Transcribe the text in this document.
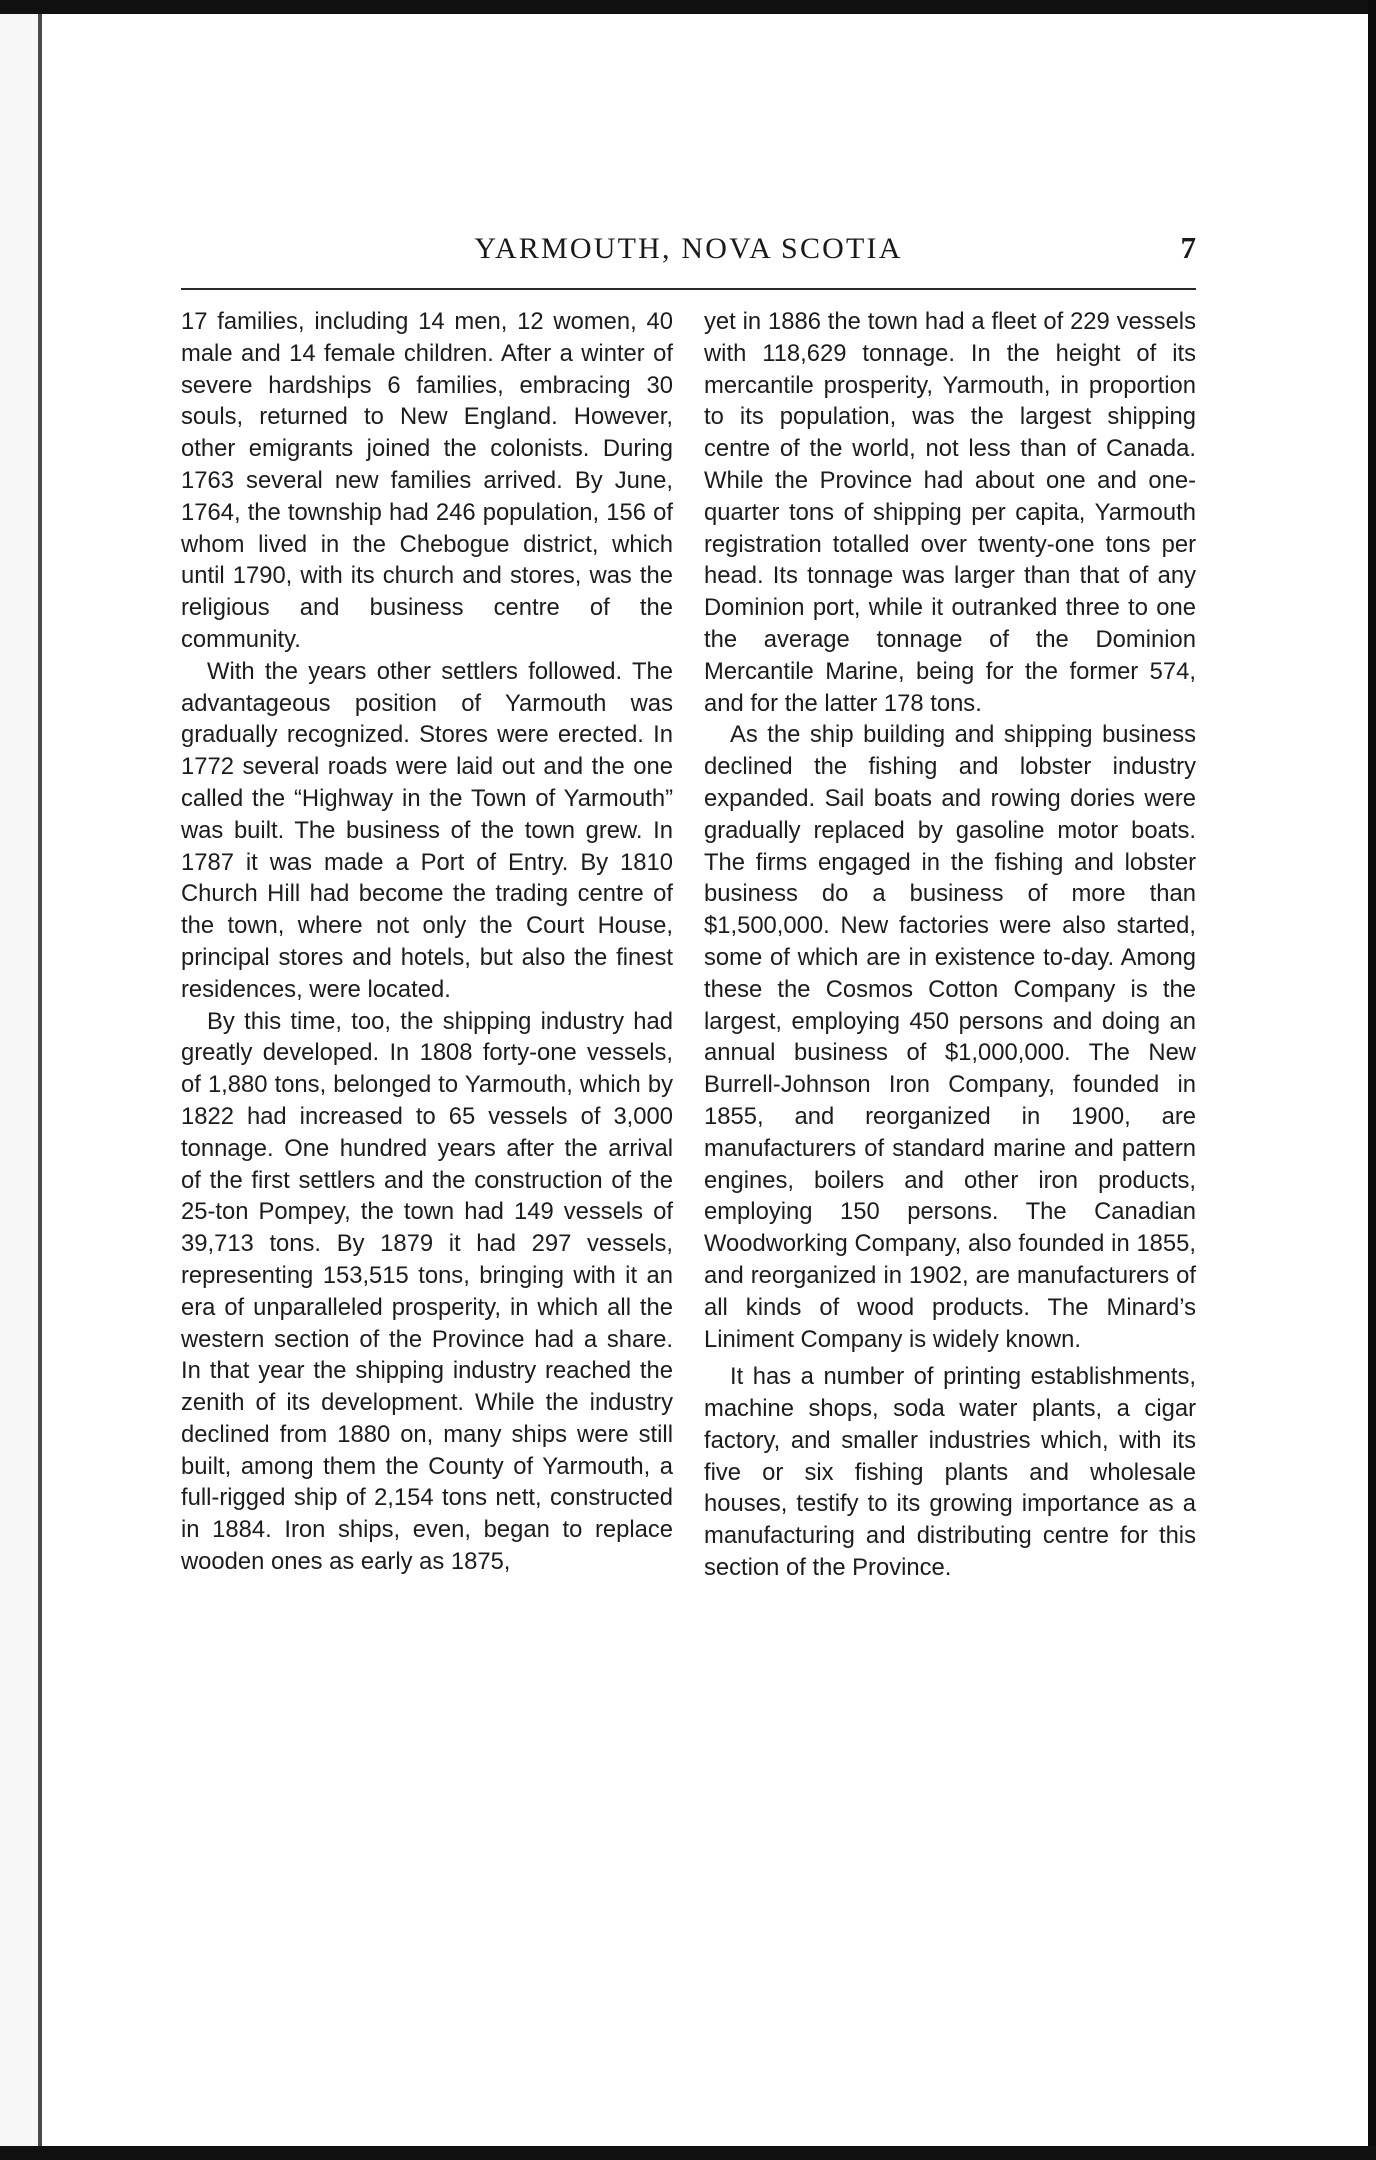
YARMOUTH, NOVA SCOTIA	7

17 families, including 14 men, 12 women, 40 male and 14 female children. After a winter of severe hardships 6 families, embracing 30 souls, returned to New England. However, other emigrants joined the colonists. During 1763 several new families arrived. By June, 1764, the township had 246 population, 156 of whom lived in the Chebogue district, which until 1790, with its church and stores, was the religious and business centre of the community.

With the years other settlers followed. The advantageous position of Yarmouth was gradually recognized. Stores were erected. In 1772 several roads were laid out and the one called the “Highway in the Town of Yarmouth” was built. The business of the town grew. In 1787 it was made a Port of Entry. By 1810 Church Hill had become the trading centre of the town, where not only the Court House, principal stores and hotels, but also the finest residences, were located.

By this time, too, the shipping industry had greatly developed. In 1808 forty-one vessels, of 1,880 tons, belonged to Yarmouth, which by 1822 had increased to 65 vessels of 3,000 tonnage. One hundred years after the arrival of the first settlers and the construction of the 25-ton Pompey, the town had 149 vessels of 39,713 tons. By 1879 it had 297 vessels, representing 153,515 tons, bringing with it an era of unparalleled prosperity, in which all the western section of the Province had a share. In that year the shipping industry reached the zenith of its development. While the industry declined from 1880 on, many ships were still built, among them the County of Yarmouth, a full-rigged ship of 2,154 tons nett, constructed in 1884. Iron ships, even, began to replace wooden ones as early as 1875,

yet in 1886 the town had a fleet of 229 vessels with 118,629 tonnage. In the height of its mercantile prosperity, Yarmouth, in proportion to its population, was the largest shipping centre of the world, not less than of Canada. While the Province had about one and one-quarter tons of shipping per capita, Yarmouth registration totalled over twenty-one tons per head. Its tonnage was larger than that of any Dominion port, while it outranked three to one the average tonnage of the Dominion Mercantile Marine, being for the former 574, and for the latter 178 tons.

As the ship building and shipping business declined the fishing and lobster industry expanded. Sail boats and rowing dories were gradually replaced by gasoline motor boats. The firms engaged in the fishing and lobster business do a business of more than $1,500,000. New factories were also started, some of which are in existence to-day. Among these the Cosmos Cotton Company is the largest, employing 450 persons and doing an annual business of $1,000,000. The New Burrell-Johnson Iron Company, founded in 1855, and reorganized in 1900, are manufacturers of standard marine and pattern engines, boilers and other iron products, employing 150 persons. The Canadian Woodworking Company, also founded in 1855, and reorganized in 1902, are manufacturers of all kinds of wood products. The Minard’s Liniment Company is widely known.

It has a number of printing establishments, machine shops, soda water plants, a cigar factory, and smaller industries which, with its five or six fishing plants and wholesale houses, testify to its growing importance as a manufacturing and distributing centre for this section of the Province.
